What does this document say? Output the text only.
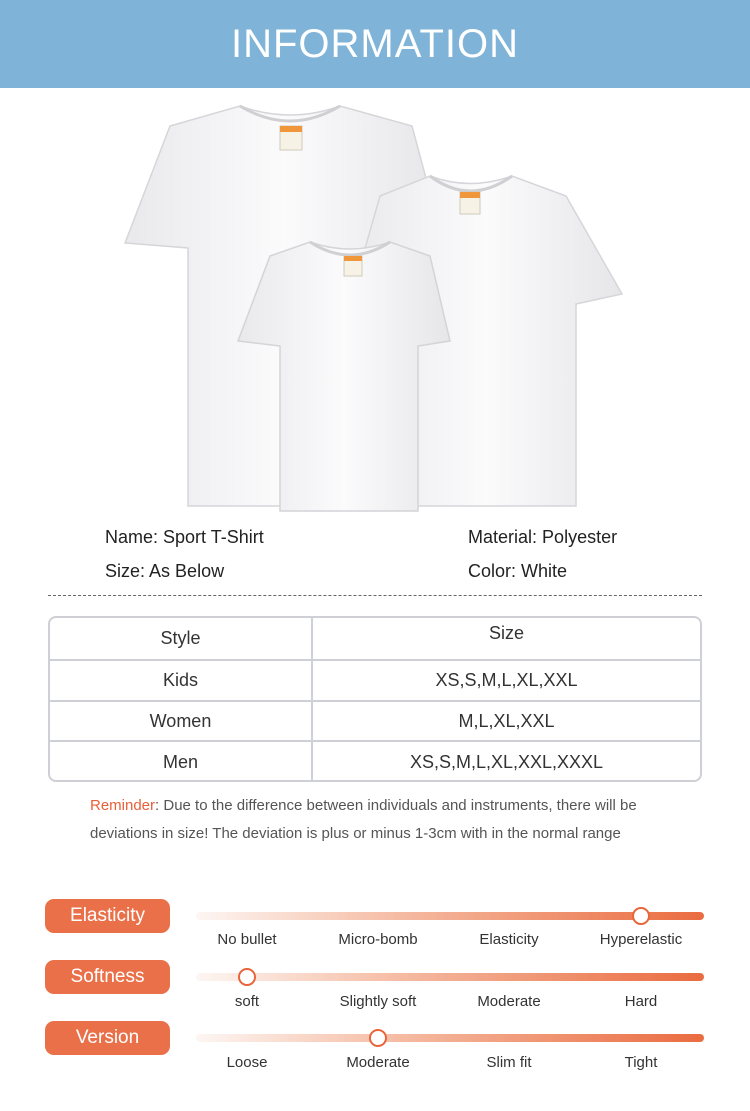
INFORMATION
Name: Sport T-Shirt	Material: Polyester
Size: As Below	Color: White
Style	Size
Kids	XS,S,M,L,XL,XXL
Women	M,L,XL,XXL
Men	XS,S,M,L,XL,XXL,XXXL

Reminder: Due to the difference between individuals and instruments, there will be deviations in size! The deviation is plus or minus 1-3cm with in the normal range

Elasticity
No bullet	Micro-bomb	Elasticity	Hyperelastic
Softness
soft	Slightly soft	Moderate	Hard
Version
Loose	Moderate	Slim fit	Tight
